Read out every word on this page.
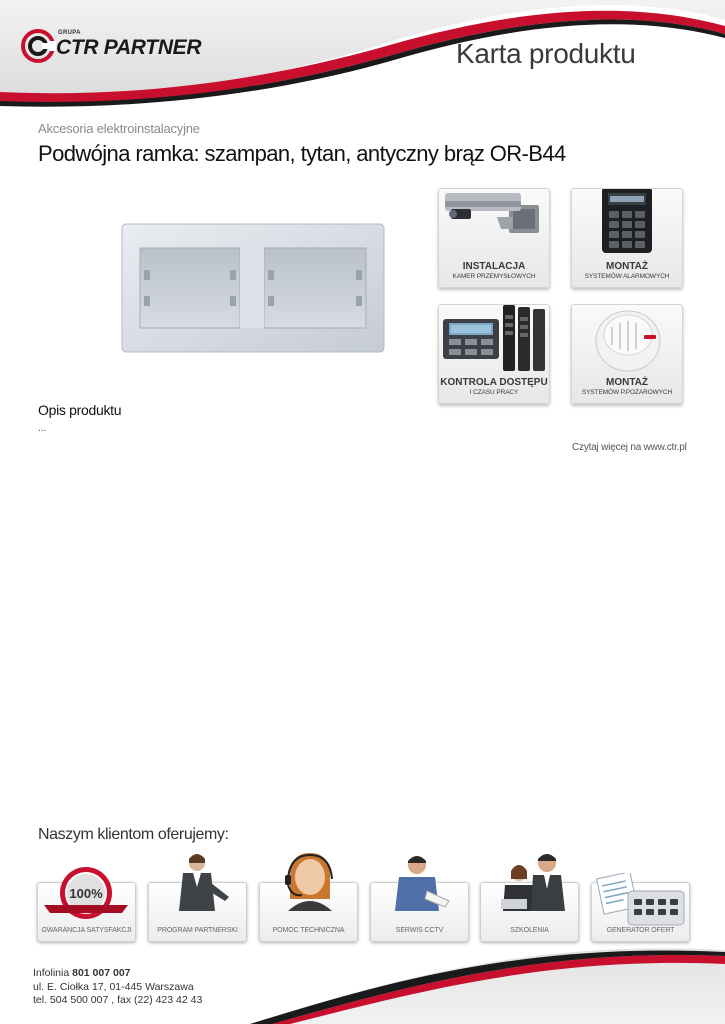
GRUPA
CTR PARTNER	Karta produktu
Akcesoria elektroinstalacyjne
Podwójna ramka: szampan, tytan, antyczny brąz OR-B44
INSTALACJA
KAMER PRZEMYSŁOWYCH
MONTAŻ
SYSTEMÓW ALARMOWYCH
KONTROLA DOSTĘPU
I CZASU PRACY
MONTAŻ
SYSTEMÓW P.POŻAROWYCH
Opis produktu
...
Czytaj więcej na www.ctr.pl
Naszym klientom oferujemy:
100%
GWARANCJA SATYSFAKCJI	PROGRAM PARTNERSKI	POMOC TECHNICZNA	SERWIS CCTV	SZKOLENIA	GENERATOR OFERT
Infolinia 801 007 007
ul. E. Ciołka 17, 01-445 Warszawa
tel. 504 500 007 , fax (22) 423 42 43
